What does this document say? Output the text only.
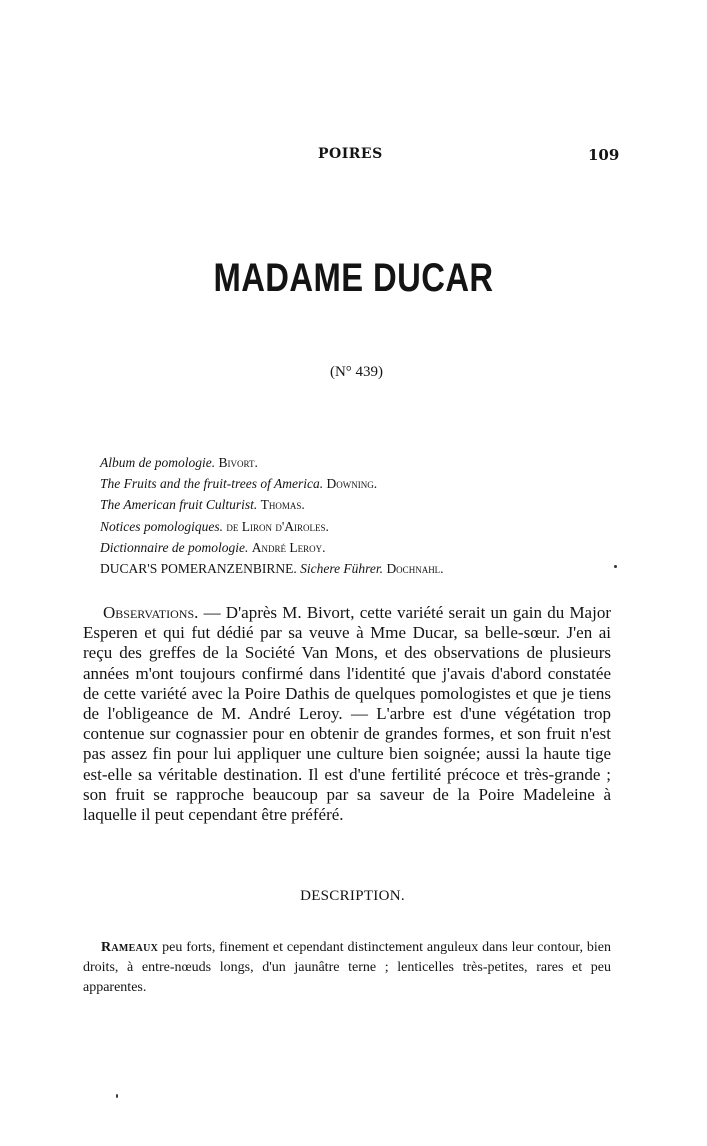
POIRES	109
MADAME DUCAR
(N° 439)
Album de pomologie. Bivort.
The Fruits and the fruit-trees of America. Downing.
The American fruit Culturist. Thomas.
Notices pomologiques. de Liron d'Airoles.
Dictionnaire de pomologie. André Leroy.
DUCAR'S POMERANZENBIRNE. Sichere Führer. Dochnahl.
Observations. — D'après M. Bivort, cette variété serait un gain du Major Esperen et qui fut dédié par sa veuve à Mme Ducar, sa belle-sœur. J'en ai reçu des greffes de la Société Van Mons, et des observations de plusieurs années m'ont toujours confirmé dans l'identité que j'avais d'abord constatée de cette variété avec la Poire Dathis de quelques pomologistes et que je tiens de l'obligeance de M. André Leroy. — L'arbre est d'une végétation trop contenue sur cognassier pour en obtenir de grandes formes, et son fruit n'est pas assez fin pour lui appliquer une culture bien soignée; aussi la haute tige est-elle sa véritable destination. Il est d'une fertilité précoce et très-grande ; son fruit se rapproche beaucoup par sa saveur de la Poire Madeleine à laquelle il peut cependant être préféré.
DESCRIPTION.
Rameaux peu forts, finement et cependant distinctement anguleux dans leur contour, bien droits, à entre-nœuds longs, d'un jaunâtre terne ; lenticelles très-petites, rares et peu apparentes.
